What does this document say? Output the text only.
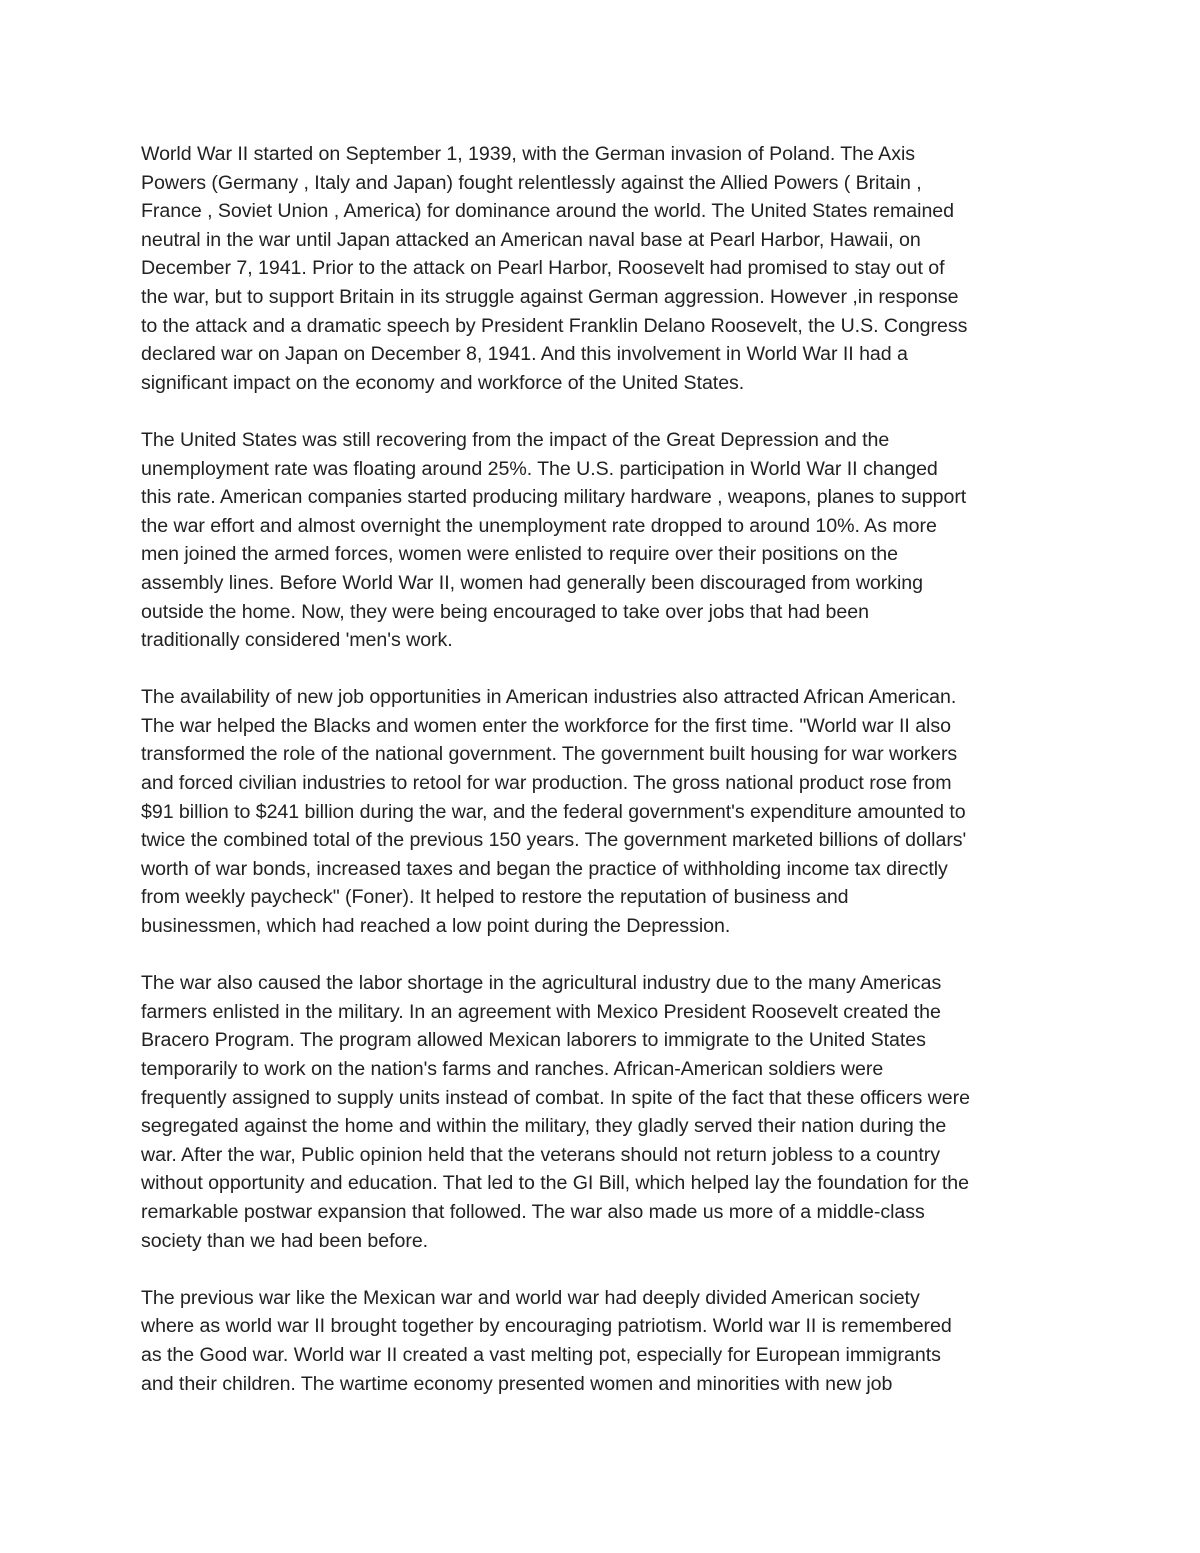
World War II started on September 1, 1939, with the German invasion of Poland. The Axis
Powers (Germany , Italy and Japan) fought relentlessly against the Allied Powers ( Britain ,
France , Soviet Union , America) for dominance around the world. The United States remained
neutral in the war until Japan attacked an American naval base at Pearl Harbor, Hawaii, on
December 7, 1941. Prior to the attack on Pearl Harbor, Roosevelt had promised to stay out of
the war, but to support Britain in its struggle against German aggression. However ,in response
to the attack and a dramatic speech by President Franklin Delano Roosevelt, the U.S. Congress
declared war on Japan on December 8, 1941. And this involvement in World War II had a
significant impact on the economy and workforce of the United States.
The United States was still recovering from the impact of the Great Depression and the
unemployment rate was floating around 25%. The U.S. participation in World War II changed
this rate. American companies started producing military hardware , weapons, planes to support
the war effort and almost overnight the unemployment rate dropped to around 10%. As more
men joined the armed forces, women were enlisted to require over their positions on the
assembly lines. Before World War II, women had generally been discouraged from working
outside the home. Now, they were being encouraged to take over jobs that had been
traditionally considered 'men's work.
The availability of new job opportunities in American industries also attracted African American.
The war helped the Blacks and women enter the workforce for the first time. "World war II also
transformed the role of the national government. The government built housing for war workers
and forced civilian industries to retool for war production. The gross national product rose from
$91 billion to $241 billion during the war, and the federal government's expenditure amounted to
twice the combined total of the previous 150 years. The government marketed billions of dollars'
worth of war bonds, increased taxes and began the practice of withholding income tax directly
from weekly paycheck" (Foner). It helped to restore the reputation of business and
businessmen, which had reached a low point during the Depression.
The war also caused the labor shortage in the agricultural industry due to the many Americas
farmers enlisted in the military. In an agreement with Mexico President Roosevelt created the
Bracero Program. The program allowed Mexican laborers to immigrate to the United States
temporarily to work on the nation's farms and ranches. African-American soldiers were
frequently assigned to supply units instead of combat. In spite of the fact that these officers were
segregated against the home and within the military, they gladly served their nation during the
war. After the war, Public opinion held that the veterans should not return jobless to a country
without opportunity and education. That led to the GI Bill, which helped lay the foundation for the
remarkable postwar expansion that followed. The war also made us more of a middle-class
society than we had been before.
The previous war like the Mexican war and world war had deeply divided American society
where as world war II brought together by encouraging patriotism. World war II is remembered
as the Good war. World war II created a vast melting pot, especially for European immigrants
and their children. The wartime economy presented women and minorities with new job
